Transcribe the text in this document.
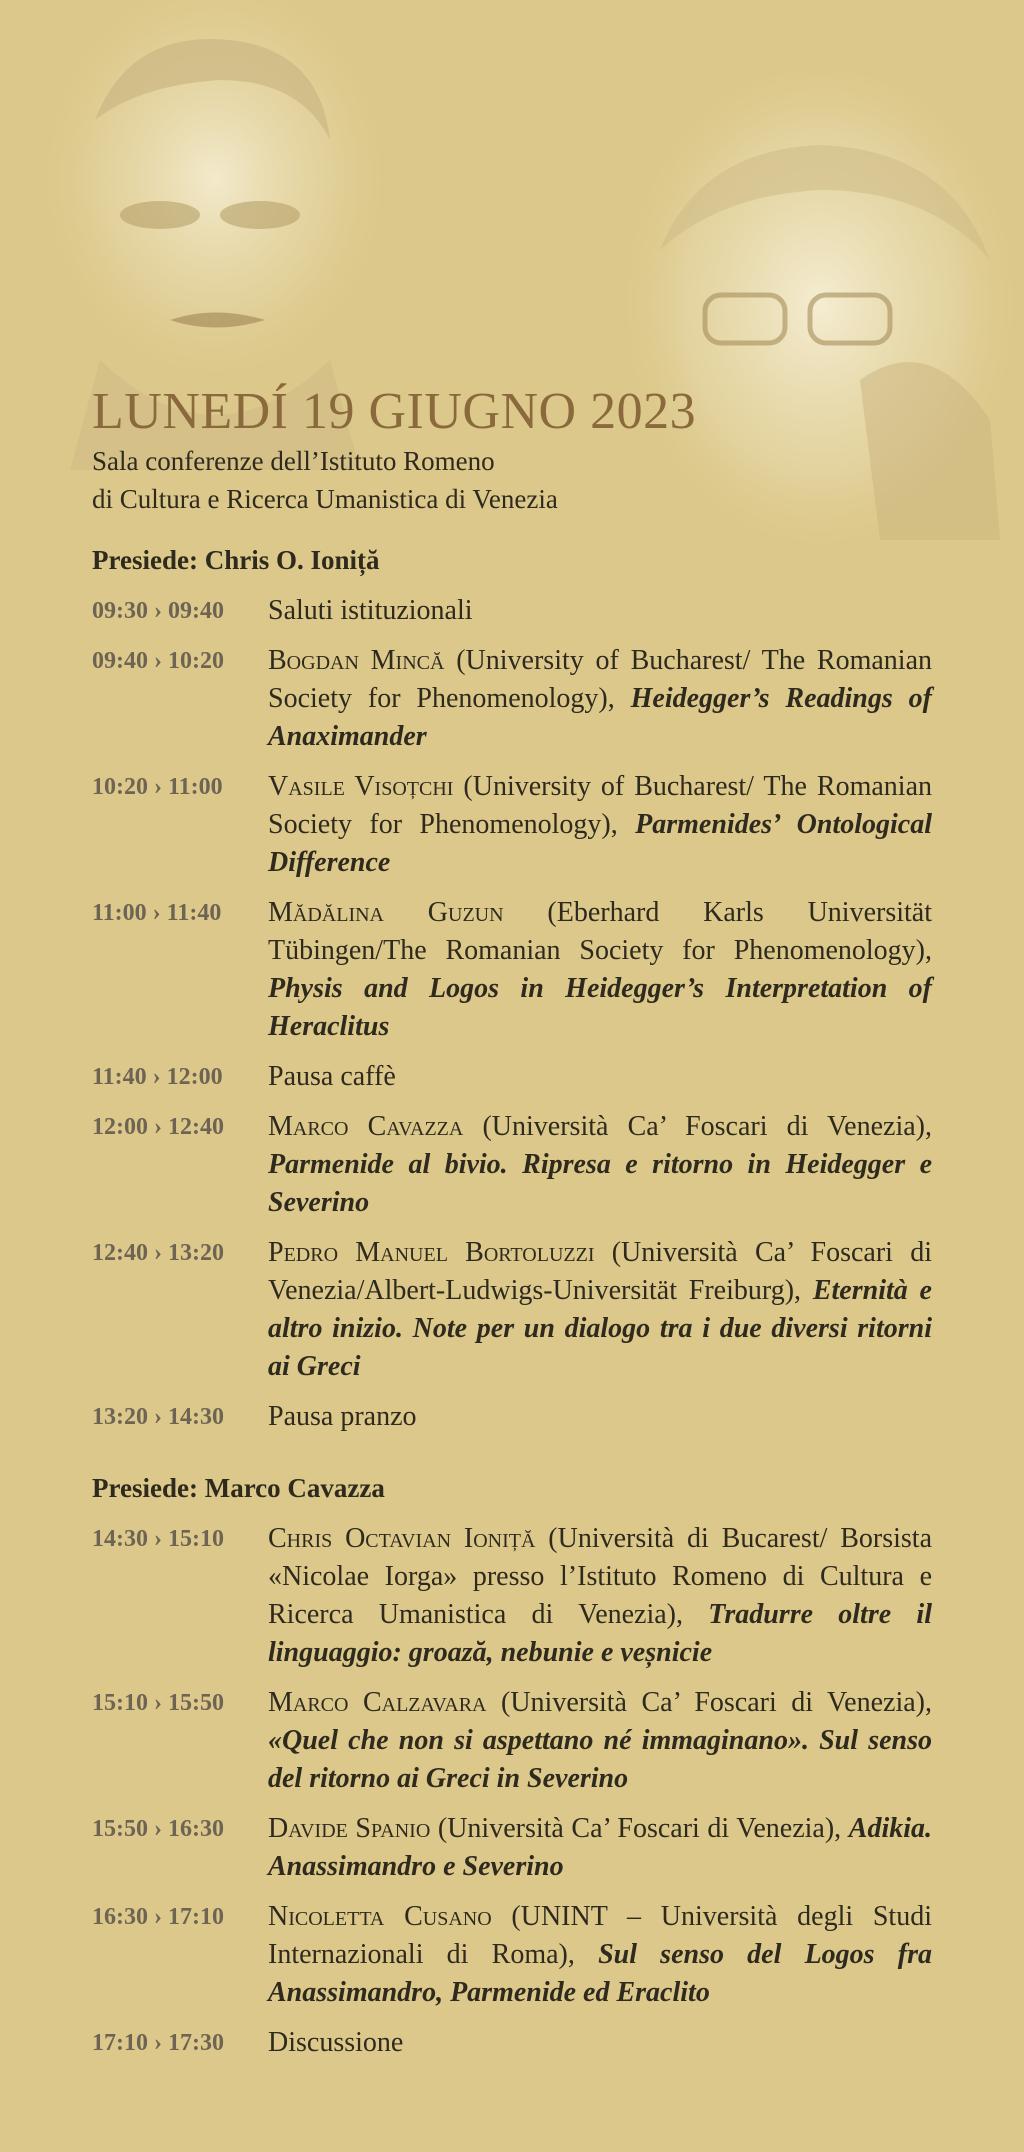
LUNEDÍ 19 GIUGNO 2023
Sala conferenze dell’Istituto Romeno
di Cultura e Ricerca Umanistica di Venezia
Presiede: Chris O. Ioniță
09:30 › 09:40	Saluti istituzionali
09:40 › 10:20	Bogdan Mincă (University of Bucharest/ The Romanian Society for Phenomenology), Heidegger’s Readings of Anaximander
10:20 › 11:00	Vasile Visoțchi (University of Bucharest/ The Romanian Society for Phenomenology), Parmenides’ Ontological Difference
11:00 › 11:40	Mădălina Guzun (Eberhard Karls Universität Tübingen/The Romanian Society for Phenomenology), Physis and Logos in Heidegger’s Interpretation of Heraclitus
11:40 › 12:00	Pausa caffè
12:00 › 12:40	Marco Cavazza (Università Ca’ Foscari di Venezia), Parmenide al bivio. Ripresa e ritorno in Heidegger e Severino
12:40 › 13:20	Pedro Manuel Bortoluzzi (Università Ca’ Foscari di Venezia/Albert-Ludwigs-Universität Freiburg), Eternità e altro inizio. Note per un dialogo tra i due diversi ritorni ai Greci
13:20 › 14:30	Pausa pranzo
Presiede: Marco Cavazza
14:30 › 15:10	Chris Octavian Ioniță (Università di Bucarest/ Borsista «Nicolae Iorga» presso l’Istituto Romeno di Cultura e Ricerca Umanistica di Venezia), Tradurre oltre il linguaggio: groază, nebunie e veșnicie
15:10 › 15:50	Marco Calzavara (Università Ca’ Foscari di Venezia), «Quel che non si aspettano né immaginano». Sul senso del ritorno ai Greci in Severino
15:50 › 16:30	Davide Spanio (Università Ca’ Foscari di Venezia), Adikia. Anassimandro e Severino
16:30 › 17:10	Nicoletta Cusano (UNINT – Università degli Studi Internazionali di Roma), Sul senso del Logos fra Anassimandro, Parmenide ed Eraclito
17:10 › 17:30	Discussione
